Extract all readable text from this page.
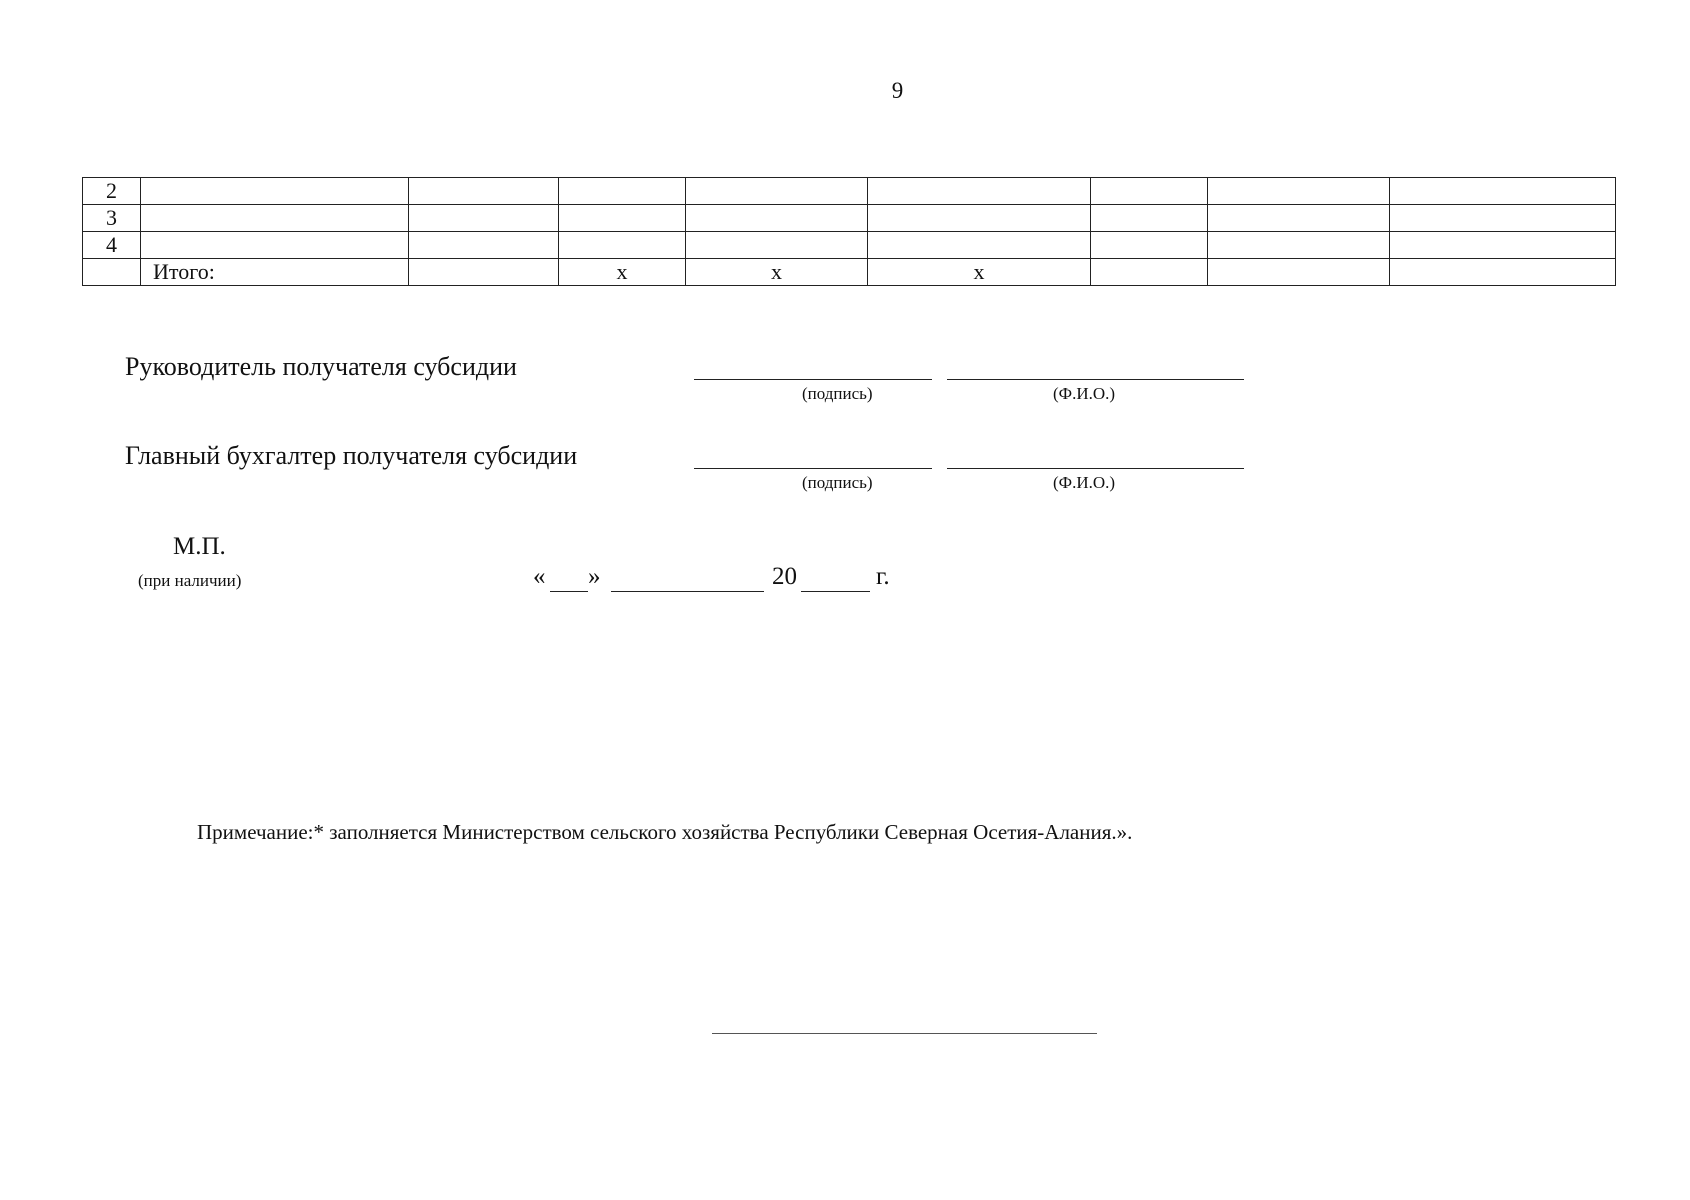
9
2								
3								
4								
	Итого:		х	х	х			
Руководитель получателя субсидии
(подпись)	(Ф.И.О.)
Главный бухгалтер получателя субсидии
(подпись)	(Ф.И.О.)
М.П.
(при наличии)	« »	20	г.
Примечание:* заполняется Министерством сельского хозяйства Республики Северная Осетия-Алания.».
